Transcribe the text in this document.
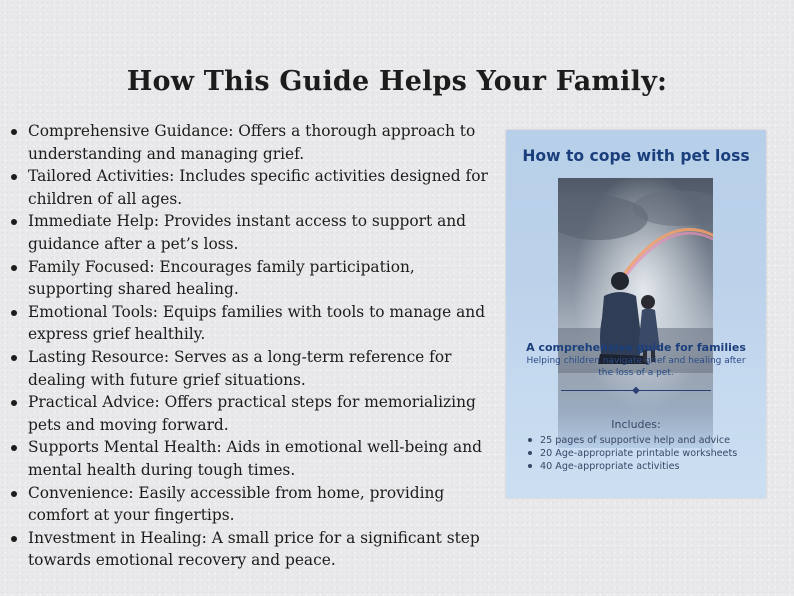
How This Guide Helps Your Family:
Comprehensive Guidance: Offers a thorough approach to understanding and managing grief.
Tailored Activities: Includes specific activities designed for children of all ages.
Immediate Help: Provides instant access to support and guidance after a pet’s loss.
Family Focused: Encourages family participation, supporting shared healing.
Emotional Tools: Equips families with tools to manage and express grief healthily.
Lasting Resource: Serves as a long-term reference for dealing with future grief situations.
Practical Advice: Offers practical steps for memorializing pets and moving forward.
Supports Mental Health: Aids in emotional well-being and mental health during tough times.
Convenience: Easily accessible from home, providing comfort at your fingertips.
Investment in Healing: A small price for a significant step towards emotional recovery and peace.
How to cope with pet loss
A comprehensive guide for families
Helping children navigate grief and healing after the loss of a pet.
◆
Includes:
25 pages of supportive help and advice
20 Age-appropriate printable worksheets
40 Age-appropriate activities
